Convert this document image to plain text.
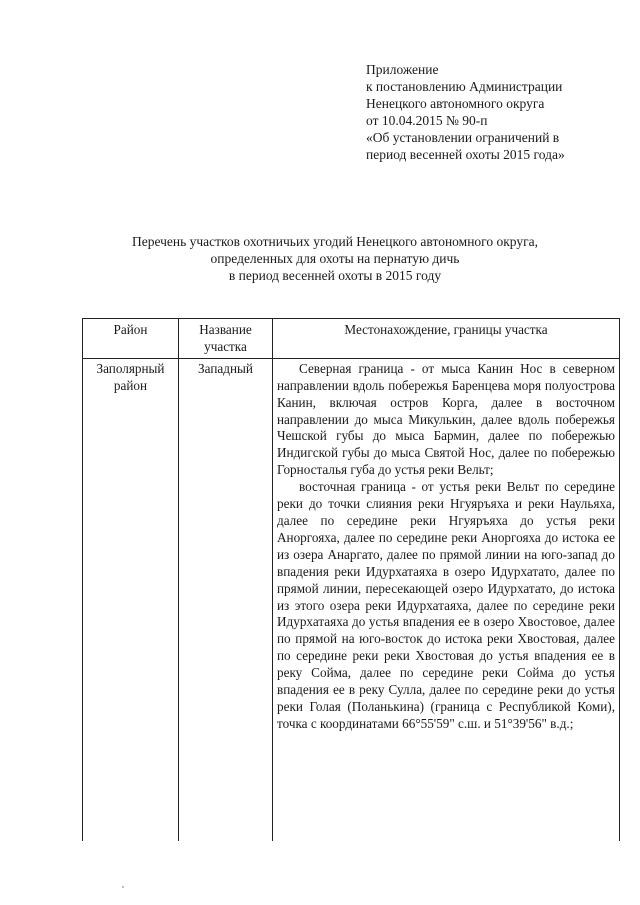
Приложение
к постановлению Администрации
Ненецкого автономного округа
от 10.04.2015 № 90-п
«Об установлении ограничений в
период весенней охоты 2015 года»
Перечень участков охотничьих угодий Ненецкого автономного округа,
определенных для охоты на пернатую дичь
в период весенней охоты в 2015 году
Район	Название участка	Местонахождение, границы участка
Заполярный район	Западный	Северная граница - от мыса Канин Нос в северном направлении вдоль побережья Баренцева моря полуострова Канин, включая остров Корга, далее в восточном направлении до мыса Микулькин, далее вдоль побережья Чешской губы до мыса Бармин, далее по побережью Индигской губы до мыса Святой Нос, далее по побережью Горносталья губа до устья реки Вельт;

восточная граница - от устья реки Вельт по середине реки до точки слияния реки Нгуяръяха и реки Наульяха, далее по середине реки Нгуяръяха до устья реки Аноргояха, далее по середине реки Аноргояха до истока ее из озера Анаргато, далее по прямой линии на юго-запад до впадения реки Идурхатаяха в озеро Идурхатато, далее по прямой линии, пересекающей озеро Идурхатато, до истока из этого озера реки Идурхатаяха, далее по середине реки Идурхатаяха до устья впадения ее в озеро Хвостовое, далее по прямой на юго-восток до истока реки Хвостовая, далее по середине реки реки Хвостовая до устья впадения ее в реку Сойма, далее по середине реки Сойма до устья впадения ее в реку Сулла, далее по середине реки до устья реки Голая (Поланькина) (граница с Республикой Коми), точка с координатами 66°55'59" с.ш. и 51°39'56" в.д.;
